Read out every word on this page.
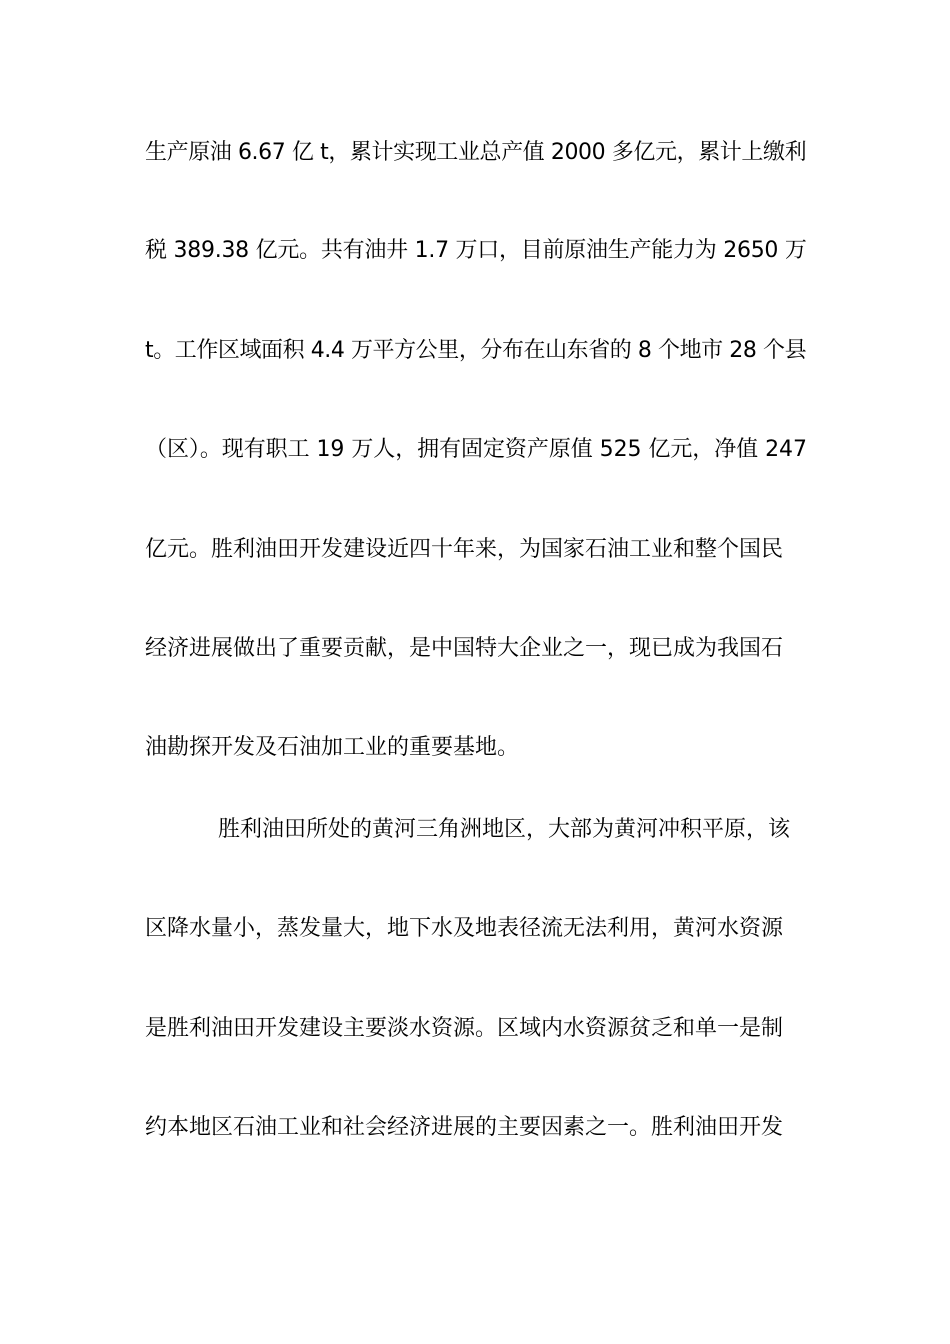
生产原油 6.67 亿 t，累计实现工业总产值 2000 多亿元，累计上缴利
税 389.38 亿元。共有油井 1.7 万口，目前原油生产能力为 2650 万
t。工作区域面积 4.4 万平方公里，分布在山东省的 8 个地市 28 个县
（区）。现有职工 19 万人，拥有固定资产原值 525 亿元，净值 247
亿元。胜利油田开发建设近四十年来，为国家石油工业和整个国民
经济进展做出了重要贡献，是中国特大企业之一，现已成为我国石
油勘探开发及石油加工业的重要基地。
胜利油田所处的黄河三角洲地区，大部为黄河冲积平原，该
区降水量小，蒸发量大，地下水及地表径流无法利用，黄河水资源
是胜利油田开发建设主要淡水资源。区域内水资源贫乏和单一是制
约本地区石油工业和社会经济进展的主要因素之一。胜利油田开发
